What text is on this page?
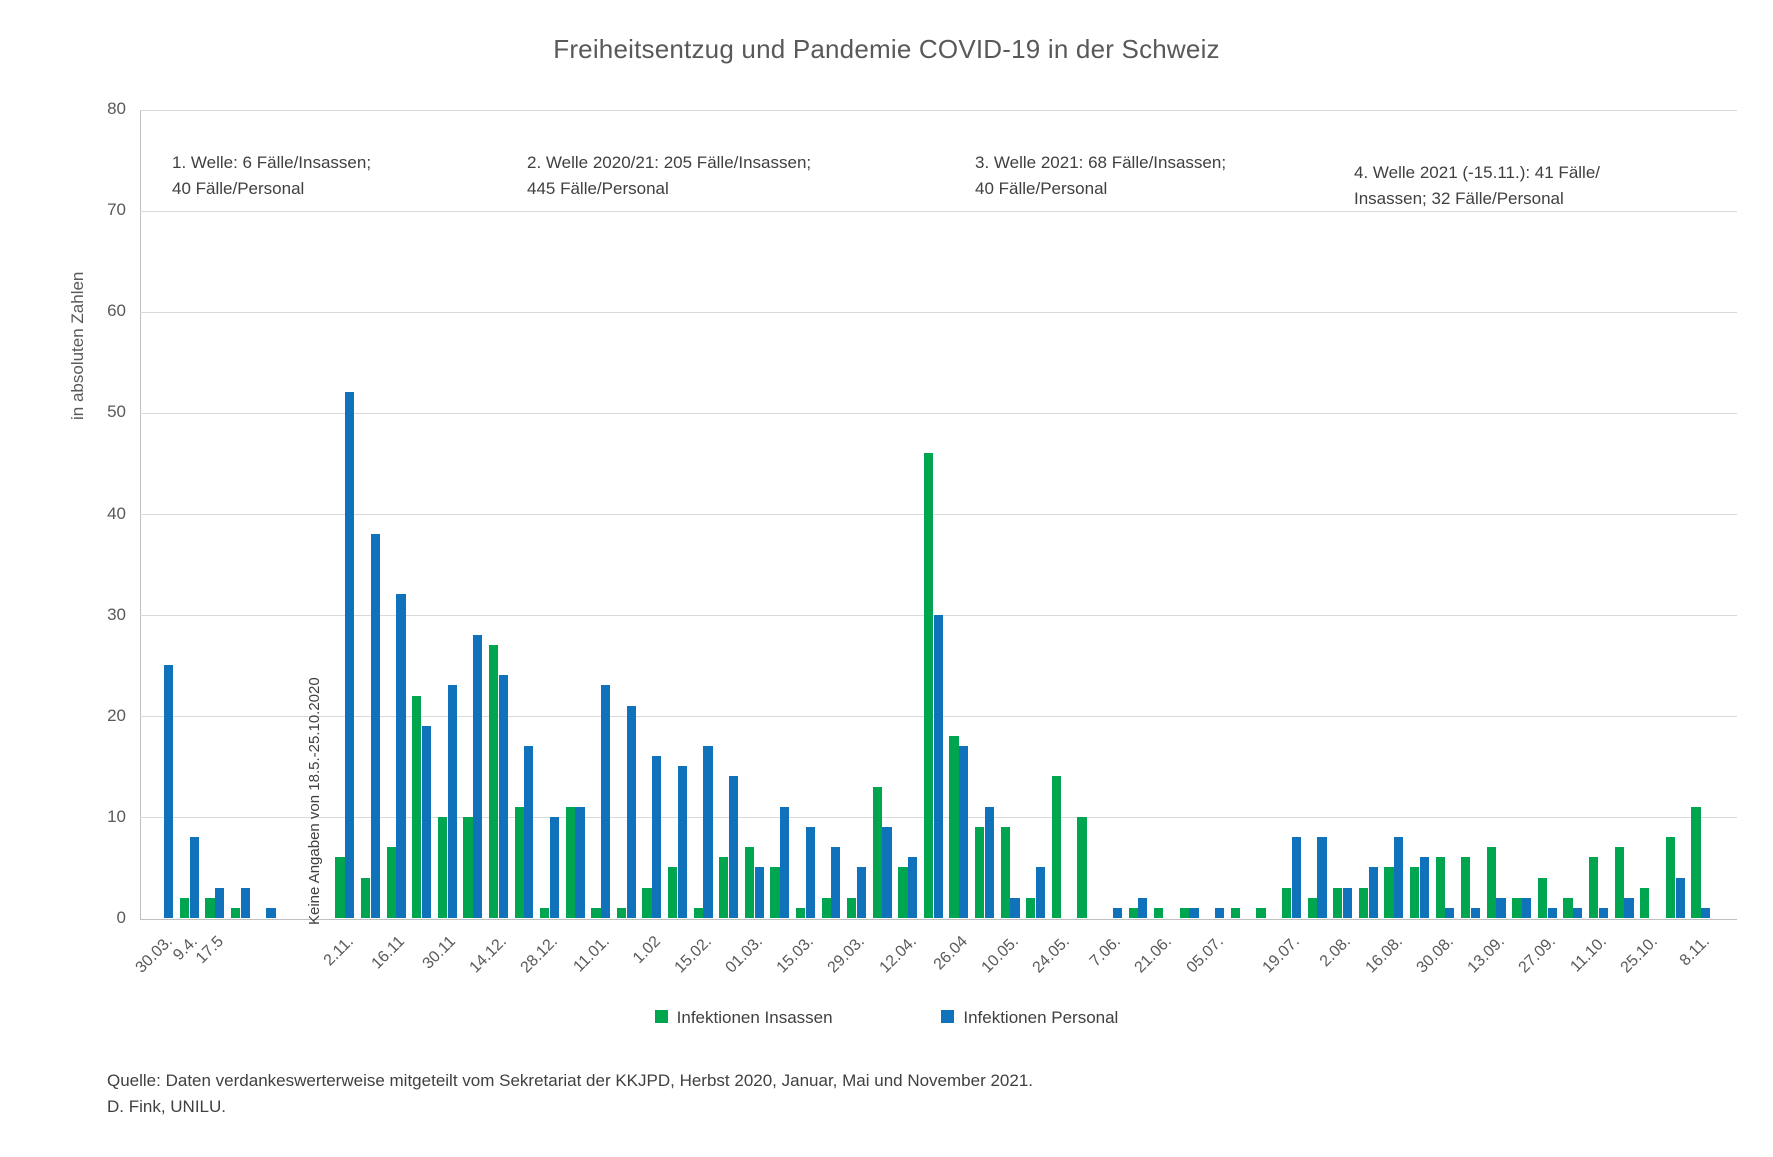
Freiheitsentzug und Pandemie COVID-19 in der Schweiz
in absoluten Zahlen
0
10
20
30
40
50
60
70
80
30.03.
9.4.
17.5	2.11. 16.11 30.11 14.12. 28.12. 11.01.	1.02 15.02. 01.03. 15.03. 29.03. 12.04. 26.04 10.05. 24.05. 7.06. 21.06. 05.07.	19.07. 2.08. 16.08. 30.08. 13.09. 27.09. 11.10. 25.10. 8.11.
1. Welle: 6 Fälle/Insassen;
40 Fälle/Personal
2. Welle 2020/21: 205 Fälle/Insassen;
445 Fälle/Personal
3. Welle 2021: 68 Fälle/Insassen;
40 Fälle/Personal
4. Welle 2021 (-15.11.): 41 Fälle/
Insassen; 32 Fälle/Personal
Keine Angaben von 18.5.-25.10.2020
Infektionen Insassen	Infektionen Personal
Quelle: Daten verdankeswerterweise mitgeteilt vom Sekretariat der KKJPD, Herbst 2020, Januar, Mai und November 2021.
D. Fink, UNILU.
